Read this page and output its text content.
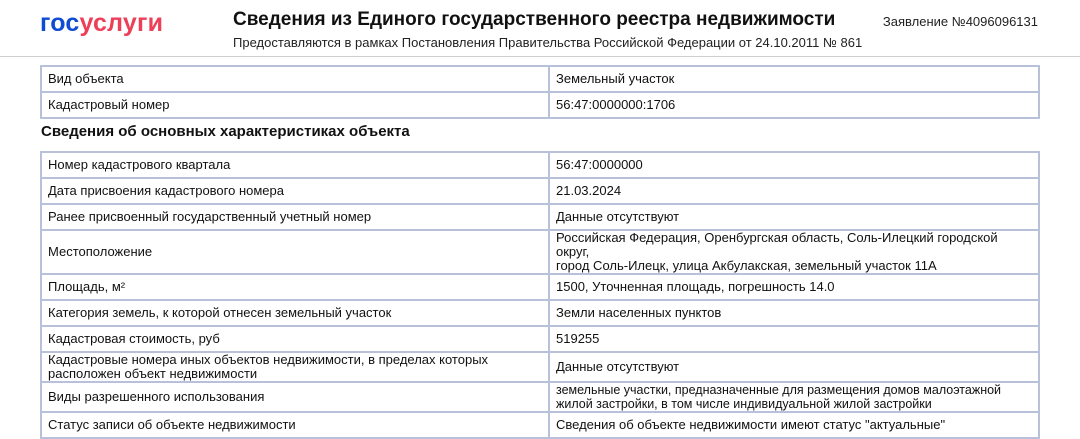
госуслуги	Сведения из Единого государственного реестра недвижимости
Предоставляются в рамках Постановления Правительства Российской Федерации от 24.10.2011 № 861
Заявление №4096096131
Вид объекта	Земельный участок
Кадастровый номер	56:47:0000000:1706
Сведения об основных характеристиках объекта
Номер кадастрового квартала	56:47:0000000
Дата присвоения кадастрового номера	21.03.2024
Ранее присвоенный государственный учетный номер	Данные отсутствуют
Местоположение	Российская Федерация, Оренбургская область, Соль-Илецкий городской округ,
город Соль-Илецк, улица Акбулакская, земельный участок 11А

Площадь, м²	1500, Уточненная площадь, погрешность 14.0
Категория земель, к которой отнесен земельный участок	Земли населенных пунктов
Кадастровая стоимость, руб	519255

Кадастровые номера иных объектов недвижимости, в пределах которых
расположен объект недвижимости	Данные отсутствуют
Виды разрешенного использования	земельные участки, предназначенные для размещения домов малоэтажной
жилой застройки, в том числе индивидуальной жилой застройки

Статус записи об объекте недвижимости	Сведения об объекте недвижимости имеют статус "актуальные"
